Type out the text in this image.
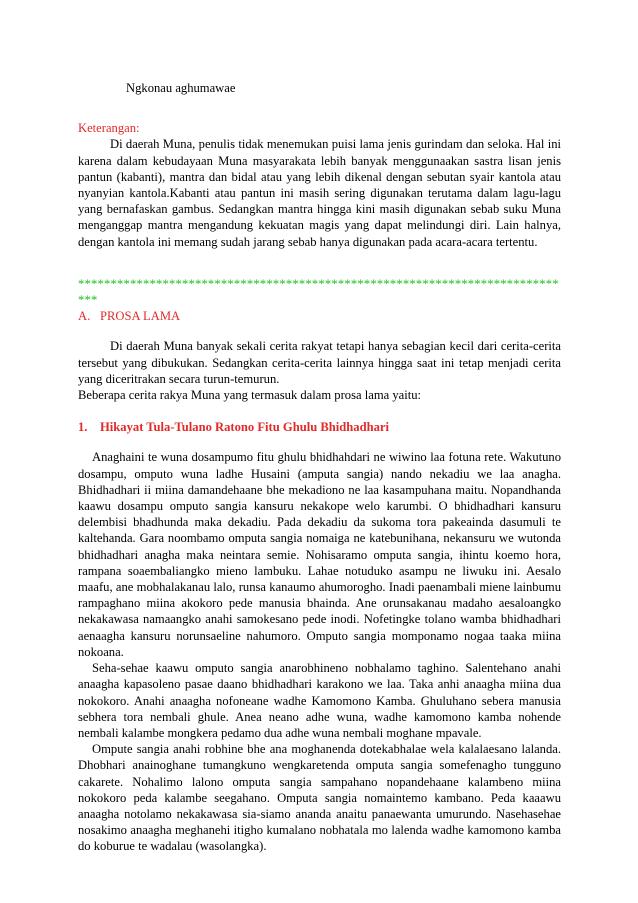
Ngkonau aghumawae

Keterangan:

Di daerah Muna, penulis tidak menemukan puisi lama jenis gurindam dan seloka. Hal ini karena dalam kebudayaan Muna masyarakata lebih banyak menggunaakan sastra lisan jenis pantun (kabanti), mantra dan bidal atau yang lebih dikenal dengan sebutan syair kantola atau nyanyian kantola.Kabanti atau pantun ini masih sering digunakan terutama dalam lagu-lagu yang bernafaskan gambus. Sedangkan mantra hingga kini masih digunakan sebab suku Muna menganggap mantra mengandung kekuatan magis yang dapat melindungi diri. Lain halnya, dengan kantola ini memang sudah jarang sebab hanya digunakan pada acara-acara tertentu.

*****************************************************************************

A. PROSA LAMA

Di daerah Muna banyak sekali cerita rakyat tetapi hanya sebagian kecil dari cerita-cerita tersebut yang dibukukan. Sedangkan cerita-cerita lainnya hingga saat ini tetap menjadi cerita yang diceritrakan secara turun-temurun.

Beberapa cerita rakya Muna yang termasuk dalam prosa lama yaitu:

1. Hikayat Tula-Tulano Ratono Fitu Ghulu Bhidhadhari

Anaghaini te wuna dosampumo fitu ghulu bhidhahdari ne wiwino laa fotuna rete. Wakutuno dosampu, omputo wuna ladhe Husaini (amputa sangia) nando nekadiu we laa anagha. Bhidhadhari ii miina damandehaane bhe mekadiono ne laa kasampuhana maitu. Nopandhanda kaawu dosampu omputo sangia kansuru nekakope welo karumbi. O bhidhadhari kansuru delembisi bhadhunda maka dekadiu. Pada dekadiu da sukoma tora pakeainda dasumuli te kaltehanda. Gara noombamo omputa sangia nomaiga ne katebunihana, nekansuru we wutonda bhidhadhari anagha maka neintara semie. Nohisaramo omputa sangia, ihintu koemo hora, rampana soaembaliangko mieno lambuku. Lahae notuduko asampu ne liwuku ini. Aesalo maafu, ane mobhalakanau lalo, runsa kanaumo ahumorogho. Inadi paenambali miene lainbumu rampaghano miina akokoro pede manusia bhainda. Ane orunsakanau madaho aesaloangko nekakawasa namaangko anahi samokesano pede inodi. Nofetingke tolano wamba bhidhadhari aenaagha kansuru norunsaeline nahumoro. Omputo sangia momponamo nogaa taaka miina nokoana.

Seha-sehae kaawu omputo sangia anarobhineno nobhalamo taghino. Salentehano anahi anaagha kapasoleno pasae daano bhidhadhari karakono we laa. Taka anhi anaagha miina dua nokokoro. Anahi anaagha nofoneane wadhe Kamomono Kamba. Ghuluhano sebera manusia sebhera tora nembali ghule. Anea neano adhe wuna, wadhe kamomono kamba nohende nembali kalambe mongkera pedamo dua adhe wuna nembali moghane mpavale.

Ompute sangia anahi robhine bhe ana moghanenda dotekabhalae wela kalalaesano lalanda. Dhobhari anainoghane tumangkuno wengkaretenda omputa sangia somefenagho tungguno cakarete. Nohalimo lalono omputa sangia sampahano nopandehaane kalambeno miina nokokoro peda kalambe seegahano. Omputa sangia nomaintemo kambano. Peda kaaawu anaagha notolamo nekakawasa sia-siamo ananda anaitu panaewanta umurundo. Nasehasehae nosakimo anaagha meghanehi itigho kumalano nobhatala mo lalenda wadhe kamomono kamba do koburue te wadalau (wasolangka).
